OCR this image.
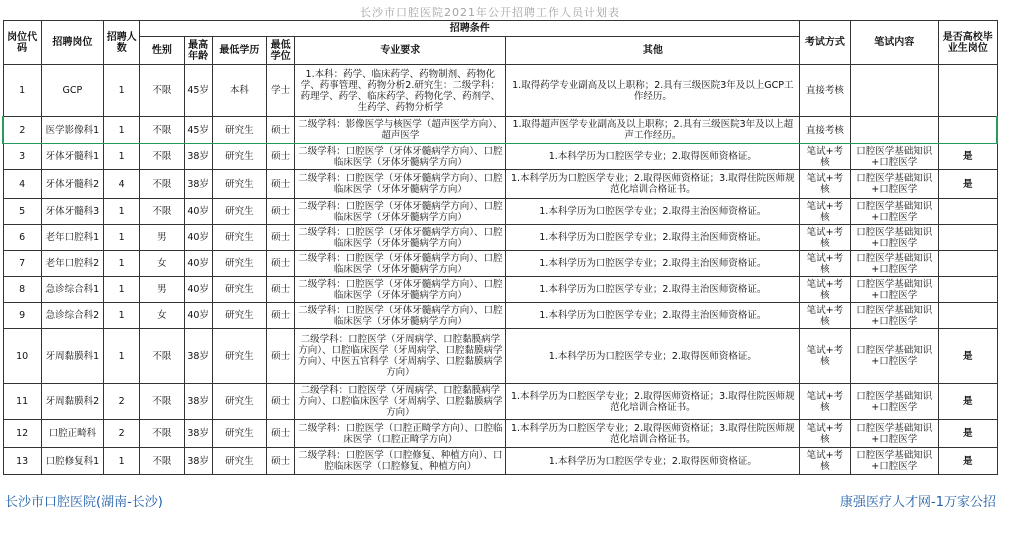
长沙市口腔医院2021年公开招聘工作人员计划表
岗位代码	招聘岗位	招聘人数	招聘条件						考试方式	笔试内容	是否高校毕业生岗位
			性别	最高年龄	最低学历	最低学位	专业要求	其他			
1	GCP	1	不限	45岁	本科	学士	1.本科：药学、临床药学、药物制剂、药物化学、药事管理、药物分析2.研究生：二级学科：药理学、药学、临床药学、药物化学、药剂学、生药学、药物分析学	1.取得药学专业副高及以上职称；2.具有三级医院3年及以上GCP工作经历。	直接考核		
2	医学影像科1	1	不限	45岁	研究生	硕士	二级学科：影像医学与核医学（超声医学方向）、超声医学	1.取得超声医学专业副高及以上职称；2.具有三级医院3年及以上超声工作经历。	直接考核		
3	牙体牙髓科1	1	不限	38岁	研究生	硕士	二级学科：口腔医学（牙体牙髓病学方向）、口腔临床医学（牙体牙髓病学方向）	1.本科学历为口腔医学专业；2.取得医师资格证。	笔试+考核	口腔医学基础知识+口腔医学	是
4	牙体牙髓科2	4	不限	38岁	研究生	硕士	二级学科：口腔医学（牙体牙髓病学方向）、口腔临床医学（牙体牙髓病学方向）	1.本科学历为口腔医学专业；2.取得医师资格证；3.取得住院医师规范化培训合格证书。	笔试+考核	口腔医学基础知识+口腔医学	是
5	牙体牙髓科3	1	不限	40岁	研究生	硕士	二级学科：口腔医学（牙体牙髓病学方向）、口腔临床医学（牙体牙髓病学方向）	1.本科学历为口腔医学专业；2.取得主治医师资格证。	笔试+考核	口腔医学基础知识+口腔医学	
6	老年口腔科1	1	男	40岁	研究生	硕士	二级学科：口腔医学（牙体牙髓病学方向）、口腔临床医学（牙体牙髓病学方向）	1.本科学历为口腔医学专业；2.取得主治医师资格证。	笔试+考核	口腔医学基础知识+口腔医学	
7	老年口腔科2	1	女	40岁	研究生	硕士	二级学科：口腔医学（牙体牙髓病学方向）、口腔临床医学（牙体牙髓病学方向）	1.本科学历为口腔医学专业；2.取得主治医师资格证。	笔试+考核	口腔医学基础知识+口腔医学	
8	急诊综合科1	1	男	40岁	研究生	硕士	二级学科：口腔医学（牙体牙髓病学方向）、口腔临床医学（牙体牙髓病学方向）	1.本科学历为口腔医学专业；2.取得主治医师资格证。	笔试+考核	口腔医学基础知识+口腔医学	
9	急诊综合科2	1	女	40岁	研究生	硕士	二级学科：口腔医学（牙体牙髓病学方向）、口腔临床医学（牙体牙髓病学方向）	1.本科学历为口腔医学专业；2.取得主治医师资格证。	笔试+考核	口腔医学基础知识+口腔医学	
10	牙周黏膜科1	1	不限	38岁	研究生	硕士	二级学科：口腔医学（牙周病学、口腔黏膜病学方向）、口腔临床医学（牙周病学、口腔黏膜病学方向）、中医五官科学（牙周病学、口腔黏膜病学方向）	1.本科学历为口腔医学专业；2.取得医师资格证。	笔试+考核	口腔医学基础知识+口腔医学	是
11	牙周黏膜科2	2	不限	38岁	研究生	硕士	二级学科：口腔医学（牙周病学、口腔黏膜病学方向）、口腔临床医学（牙周病学、口腔黏膜病学方向）	1.本科学历为口腔医学专业；2.取得医师资格证；3.取得住院医师规范化培训合格证书。	笔试+考核	口腔医学基础知识+口腔医学	是
12	口腔正畸科	2	不限	38岁	研究生	硕士	二级学科：口腔医学（口腔正畸学方向）、口腔临床医学（口腔正畸学方向）	1.本科学历为口腔医学专业；2.取得医师资格证；3.取得住院医师规范化培训合格证书。	笔试+考核	口腔医学基础知识+口腔医学	是
13	口腔修复科1	1	不限	38岁	研究生	硕士	二级学科：口腔医学（口腔修复、种植方向）、口腔临床医学（口腔修复、种植方向）	1.本科学历为口腔医学专业；2.取得医师资格证。	笔试+考核	口腔医学基础知识+口腔医学	是
长沙市口腔医院(湖南-长沙)	康强医疗人才网-1万家公招
